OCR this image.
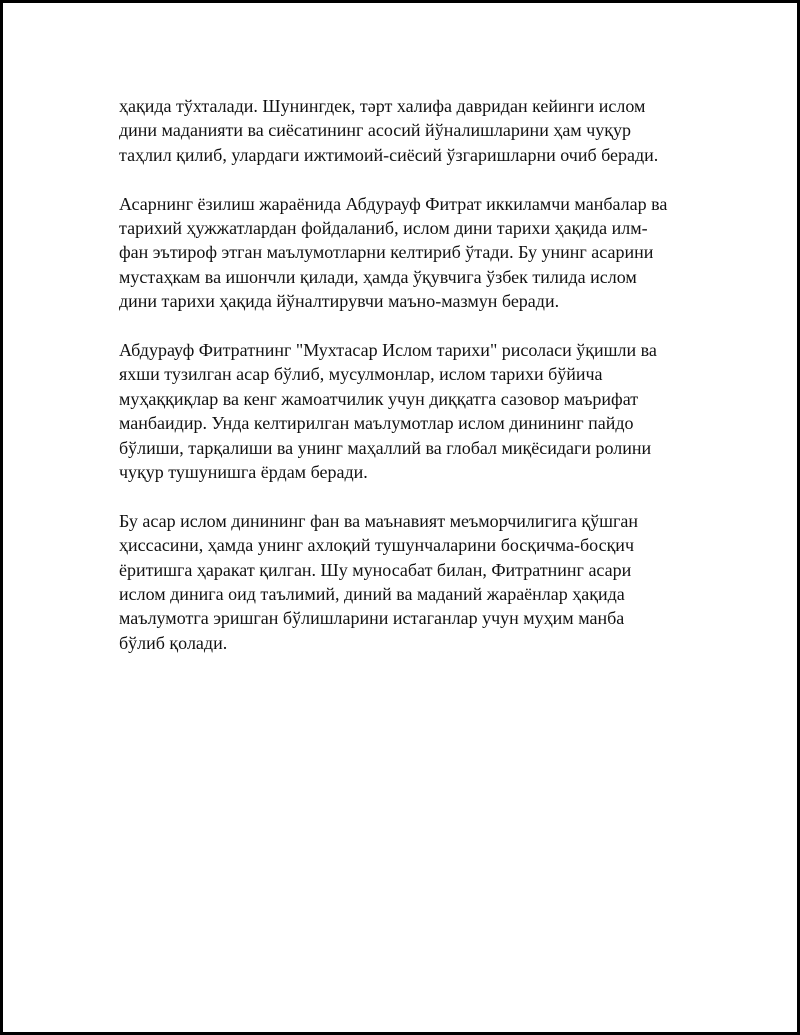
ҳақида тўхталади. Шунингдек, тәрт халифа давридан кейинги ислом
дини маданияти ва сиёсатининг асосий йўналишларини ҳам чуқур
таҳлил қилиб, улардаги ижтимоий-сиёсий ўзгаришларни очиб беради.

Асарнинг ёзилиш жараёнида Абдурауф Фитрат иккиламчи манбалар ва
тарихий ҳужжатлардан фойдаланиб, ислом дини тарихи ҳақида илм-
фан эътироф этган маълумотларни келтириб ўтади. Бу унинг асарини
мустаҳкам ва ишончли қилади, ҳамда ўқувчига ўзбек тилида ислом
дини тарихи ҳақида йўналтирувчи маъно-мазмун беради.

Абдурауф Фитратнинг "Мухтасар Ислом тарихи" рисоласи ўқишли ва
яхши тузилган асар бўлиб, мусулмонлар, ислом тарихи бўйича
муҳаққиқлар ва кенг жамоатчилик учун диққатга сазовор маърифат
манбаидир. Унда келтирилган маълумотлар ислом динининг пайдо
бўлиши, тарқалиши ва унинг маҳаллий ва глобал миқёсидаги ролини
чуқур тушунишга ёрдам беради.

Бу асар ислом динининг фан ва маънавият меъморчилигига қўшган
ҳиссасини, ҳамда унинг ахлоқий тушунчаларини босқичма-босқич
ёритишга ҳаракат қилган. Шу муносабат билан, Фитратнинг асари
ислом динига оид таълимий, диний ва маданий жараёнлар ҳақида
маълумотга эришган бўлишларини истаганлар учун муҳим манба
бўлиб қолади.
